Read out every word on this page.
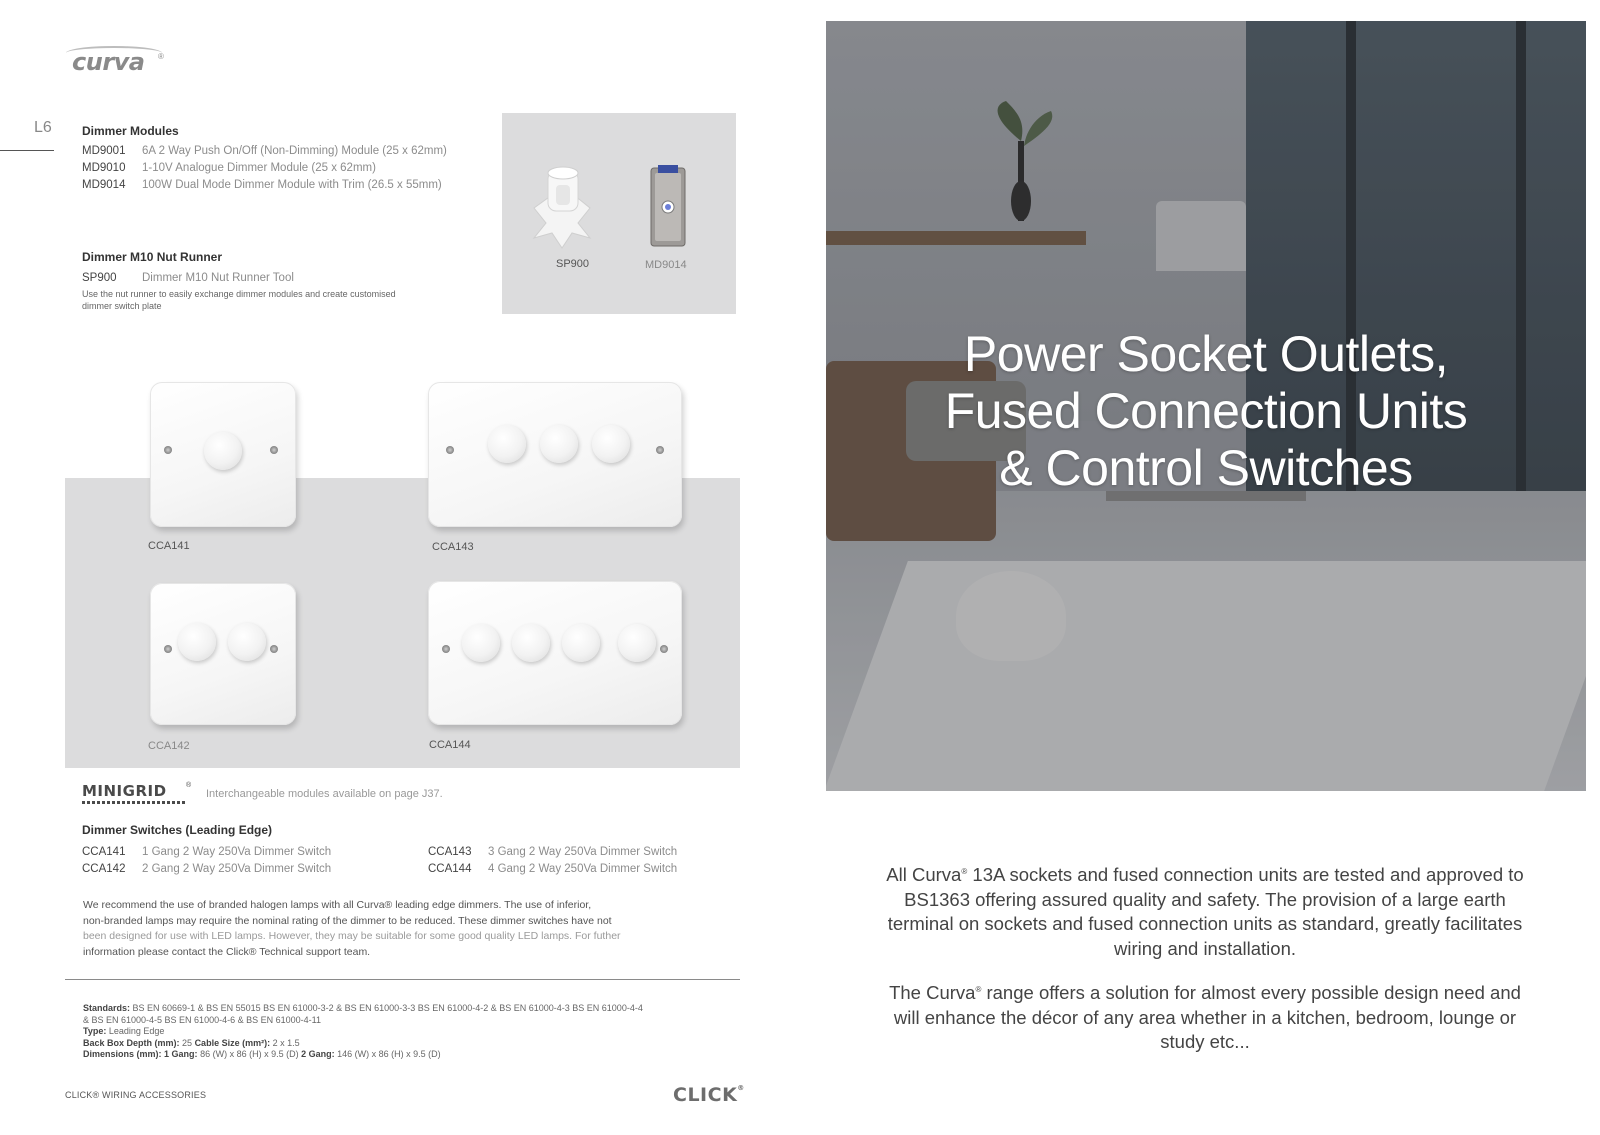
curva ®
L6	Dimmer Modules
MD9001 6A 2 Way Push On/Off (Non-Dimming) Module (25 x 62mm)
MD9010 1-10V Analogue Dimmer Module (25 x 62mm)
MD9014 100W Dual Mode Dimmer Module with Trim (26.5 x 55mm)
Dimmer M10 Nut Runner
SP900 Dimmer M10 Nut Runner Tool
Use the nut runner to easily exchange dimmer modules and create customised
dimmer switch plate
SP900	MD9014
CCA141	CCA143
CCA142	CCA144
MINIGRID	®
Interchangeable modules available on page J37.
Dimmer Switches (Leading Edge)
CCA141 1 Gang 2 Way 250Va Dimmer Switch
CCA142 2 Gang 2 Way 250Va Dimmer Switch
CCA143 3 Gang 2 Way 250Va Dimmer Switch
CCA144 4 Gang 2 Way 250Va Dimmer Switch
We recommend the use of branded halogen lamps with all Curva® leading edge dimmers. The use of inferior,
non-branded lamps may require the nominal rating of the dimmer to be reduced. These dimmer switches have not
been designed for use with LED lamps. However, they may be suitable for some good quality LED lamps. For futher
information please contact the Click® Technical support team.
Standards: BS EN 60669-1 & BS EN 55015 BS EN 61000-3-2 & BS EN 61000-3-3 BS EN 61000-4-2 & BS EN 61000-4-3 BS EN 61000-4-4 & BS EN 61000-4-5 BS EN 61000-4-6 & BS EN 61000-4-11
Type: Leading Edge
Back Box Depth (mm): 25 Cable Size (mm²): 2 x 1.5
Dimensions (mm): 1 Gang: 86 (W) x 86 (H) x 9.5 (D) 2 Gang: 146 (W) x 86 (H) x 9.5 (D)
CLICK® WIRING ACCESSORIES	CLICK®
Power Socket Outlets,
Fused Connection Units
& Control Switches

All Curva® 13A sockets and fused connection units are tested and approved to BS1363 offering assured quality and safety. The provision of a large earth terminal on sockets and fused connection units as standard, greatly facilitates wiring and installation.

The Curva® range offers a solution for almost every possible design need and will enhance the décor of any area whether in a kitchen, bedroom, lounge or study etc...
